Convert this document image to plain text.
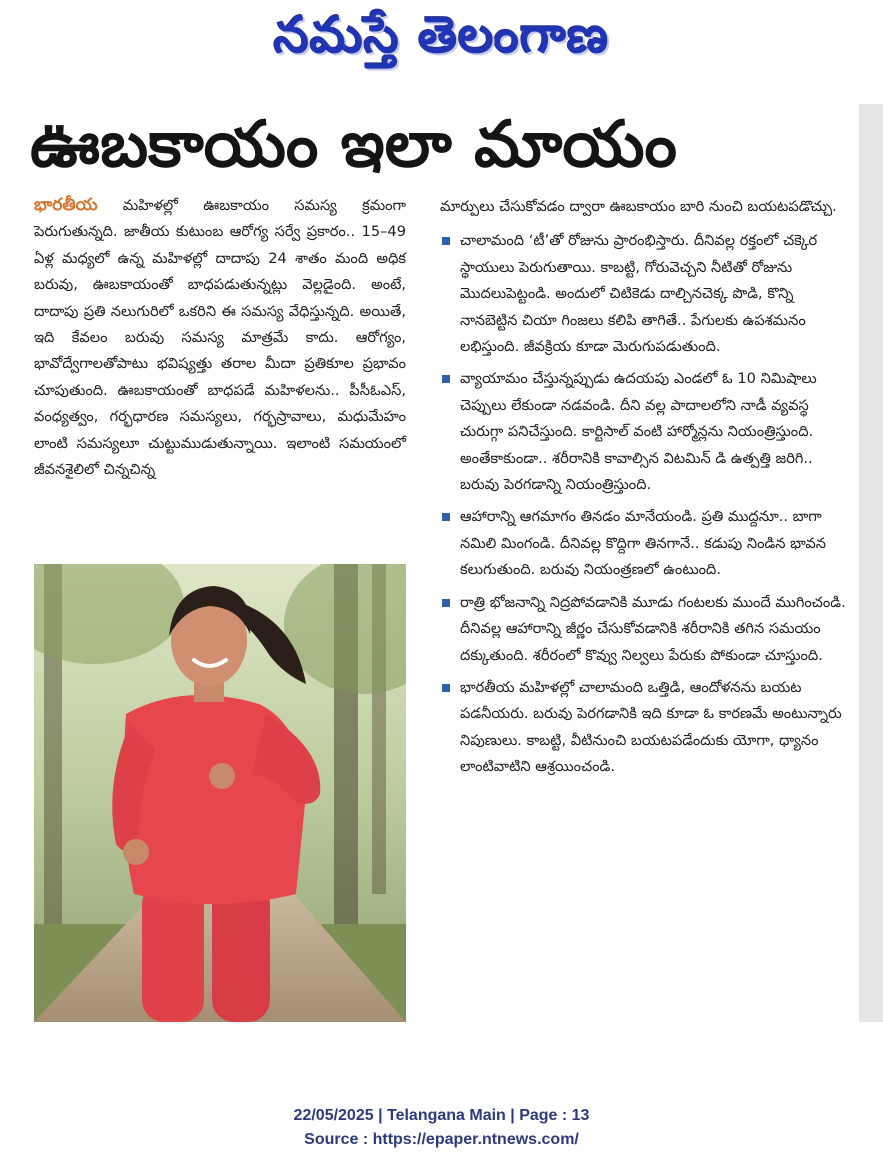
నమస్తే తెలంగాణ
ఊబకాయం ఇలా మాయం

భారతీయ మహిళల్లో ఊబకాయం సమస్య క్రమంగా పెరుగుతున్నది. జాతీయ కుటుంబ ఆరోగ్య సర్వే ప్రకారం.. 15–49 ఏళ్ల మధ్యలో ఉన్న మహిళల్లో దాదాపు 24 శాతం మంది అధిక బరువు, ఊబకాయంతో బాధపడుతున్నట్లు వెల్లడైంది. అంటే, దాదాపు ప్రతి నలుగురిలో ఒకరిని ఈ సమస్య వేధిస్తున్నది. అయితే, ఇది కేవలం బరువు సమస్య మాత్రమే కాదు. ఆరోగ్యం, భావోద్వేగాలతోపాటు భవిష్యత్తు తరాల మీదా ప్రతికూల ప్రభావం చూపుతుంది. ఊబకాయంతో బాధపడే మహిళలను.. పీసీఓఎస్, వంధ్యత్వం, గర్భధారణ సమస్యలు, గర్భస్రావాలు, మధుమేహం లాంటి సమస్యలూ చుట్టుముడుతున్నాయి. ఇలాంటి సమయంలో జీవనశైలిలో చిన్నచిన్న

మార్పులు చేసుకోవడం ద్వారా ఊబకాయం బారి నుంచి బయటపడొచ్చు.

చాలామంది ‘టీ’తో రోజును ప్రారంభిస్తారు. దీనివల్ల రక్తంలో చక్కెర స్థాయులు పెరుగుతాయి. కాబట్టి, గోరువెచ్చని నీటితో రోజును మొదలుపెట్టండి. అందులో చిటికెడు దాల్చినచెక్క పొడి, కొన్ని నానబెట్టిన చియా గింజలు కలిపి తాగితే.. పేగులకు ఉపశమనం లభిస్తుంది. జీవక్రియ కూడా మెరుగుపడుతుంది.
వ్యాయామం చేస్తున్నప్పుడు ఉదయపు ఎండలో ఓ 10 నిమిషాలు చెప్పులు లేకుండా నడవండి. దీని వల్ల పాదాలలోని నాడీ వ్యవస్థ చురుగ్గా పనిచేస్తుంది. కార్టిసాల్ వంటి హార్మోన్లను నియంత్రిస్తుంది. అంతేకాకుండా.. శరీరానికి కావాల్సిన విటమిన్ డి ఉత్పత్తి జరిగి.. బరువు పెరగడాన్ని నియంత్రిస్తుంది.
ఆహారాన్ని ఆగమాగం తినడం మానేయండి. ప్రతి ముద్దనూ.. బాగా నమిలి మింగండి. దీనివల్ల కొద్దిగా తినగానే.. కడుపు నిండిన భావన కలుగుతుంది. బరువు నియంత్రణలో ఉంటుంది.
రాత్రి భోజనాన్ని నిద్రపోవడానికి మూడు గంటలకు ముందే ముగించండి. దీనివల్ల ఆహారాన్ని జీర్ణం చేసుకోవడానికి శరీరానికి తగిన సమయం దక్కుతుంది. శరీరంలో కొవ్వు నిల్వలు పేరుకు పోకుండా చూస్తుంది.
భారతీయ మహిళల్లో చాలామంది ఒత్తిడి, ఆందోళనను బయట పడనీయరు. బరువు పెరగడానికి ఇది కూడా ఓ కారణమే అంటున్నారు నిపుణులు. కాబట్టి, వీటినుంచి బయటపడేందుకు యోగా, ధ్యానం లాంటివాటిని ఆశ్రయించండి.
22/05/2025 | Telangana Main | Page : 13
Source : https://epaper.ntnews.com/
